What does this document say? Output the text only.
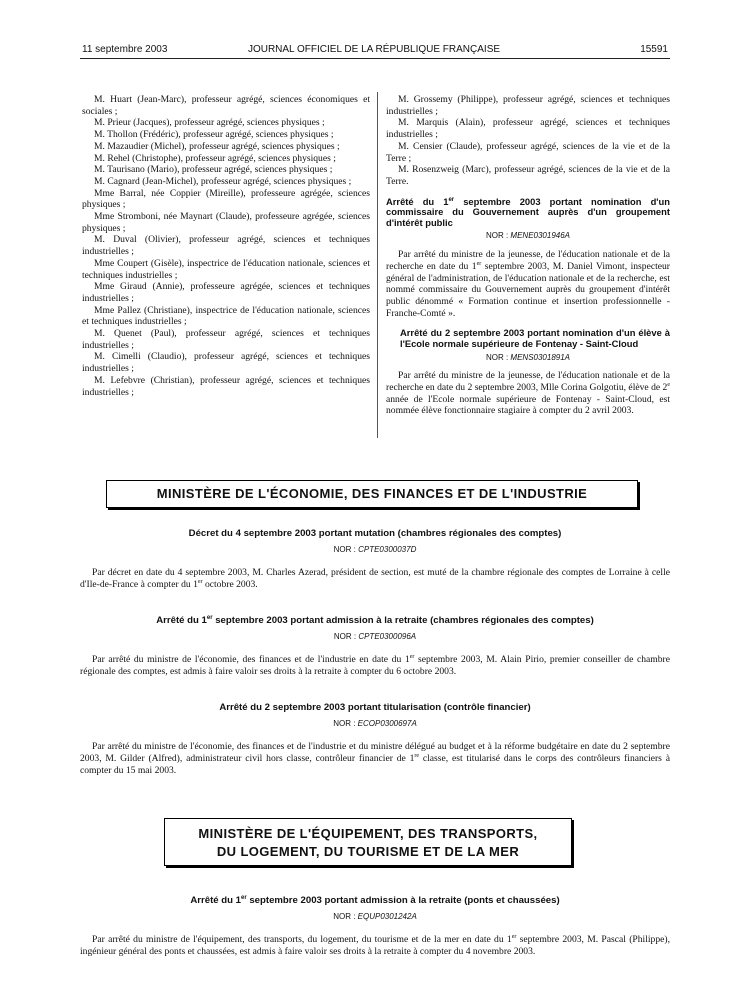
11 septembre 2003	JOURNAL OFFICIEL DE LA RÉPUBLIQUE FRANÇAISE	15591

M. Huart (Jean-Marc), professeur agrégé, sciences économiques et sociales ;

M. Prieur (Jacques), professeur agrégé, sciences physiques ;

M. Thollon (Frédéric), professeur agrégé, sciences physiques ;

M. Mazaudier (Michel), professeur agrégé, sciences physiques ;

M. Rehel (Christophe), professeur agrégé, sciences physiques ;

M. Taurisano (Mario), professeur agrégé, sciences physiques ;

M. Cagnard (Jean-Michel), professeur agrégé, sciences physiques ;

Mme Barral, née Coppier (Mireille), professeure agrégée, sciences physiques ;

Mme Stromboni, née Maynart (Claude), professeure agrégée, sciences physiques ;

M. Duval (Olivier), professeur agrégé, sciences et techniques industrielles ;

Mme Coupert (Gisèle), inspectrice de l'éducation nationale, sciences et techniques industrielles ;

Mme Giraud (Annie), professeure agrégée, sciences et techniques industrielles ;

Mme Pallez (Christiane), inspectrice de l'éducation nationale, sciences et techniques industrielles ;

M. Quenet (Paul), professeur agrégé, sciences et techniques industrielles ;

M. Cimelli (Claudio), professeur agrégé, sciences et techniques industrielles ;

M. Lefebvre (Christian), professeur agrégé, sciences et techniques industrielles ;

M. Grossemy (Philippe), professeur agrégé, sciences et techniques industrielles ;

M. Marquis (Alain), professeur agrégé, sciences et techniques industrielles ;

M. Censier (Claude), professeur agrégé, sciences de la vie et de la Terre ;

M. Rosenzweig (Marc), professeur agrégé, sciences de la vie et de la Terre.

Arrêté du 1er septembre 2003 portant nomination d'un commissaire du Gouvernement auprès d'un groupement d'intérêt public

NOR : MENE0301946A

Par arrêté du ministre de la jeunesse, de l'éducation nationale et de la recherche en date du 1er septembre 2003, M. Daniel Vimont, inspecteur général de l'administration, de l'éducation nationale et de la recherche, est nommé commissaire du Gouvernement auprès du groupement d'intérêt public dénommé « Formation continue et insertion professionnelle - Franche-Comté ».

Arrêté du 2 septembre 2003 portant nomination d'un élève à l'Ecole normale supérieure de Fontenay - Saint-Cloud

NOR : MENS0301891A

Par arrêté du ministre de la jeunesse, de l'éducation nationale et de la recherche en date du 2 septembre 2003, Mlle Corina Golgotiu, élève de 2e année de l'Ecole normale supérieure de Fontenay - Saint-Cloud, est nommée élève fonctionnaire stagiaire à compter du 2 avril 2003.

MINISTÈRE DE L'ÉCONOMIE, DES FINANCES ET DE L'INDUSTRIE
Décret du 4 septembre 2003 portant mutation (chambres régionales des comptes)
NOR : CPTE0300037D

Par décret en date du 4 septembre 2003, M. Charles Azerad, président de section, est muté de la chambre régionale des comptes de Lorraine à celle d'Ile-de-France à compter du 1er octobre 2003.

Arrêté du 1er septembre 2003 portant admission à la retraite (chambres régionales des comptes)
NOR : CPTE0300096A

Par arrêté du ministre de l'économie, des finances et de l'industrie en date du 1er septembre 2003, M. Alain Pirio, premier conseiller de chambre régionale des comptes, est admis à faire valoir ses droits à la retraite à compter du 6 octobre 2003.

Arrêté du 2 septembre 2003 portant titularisation (contrôle financier)
NOR : ECOP0300697A

Par arrêté du ministre de l'économie, des finances et de l'industrie et du ministre délégué au budget et à la réforme budgétaire en date du 2 septembre 2003, M. Gilder (Alfred), administrateur civil hors classe, contrôleur financier de 1re classe, est titularisé dans le corps des contrôleurs financiers à compter du 15 mai 2003.

MINISTÈRE DE L'ÉQUIPEMENT, DES TRANSPORTS,
DU LOGEMENT, DU TOURISME ET DE LA MER
Arrêté du 1er septembre 2003 portant admission à la retraite (ponts et chaussées)
NOR : EQUP0301242A

Par arrêté du ministre de l'équipement, des transports, du logement, du tourisme et de la mer en date du 1er septembre 2003, M. Pascal (Philippe), ingénieur général des ponts et chaussées, est admis à faire valoir ses droits à la retraite à compter du 4 novembre 2003.
